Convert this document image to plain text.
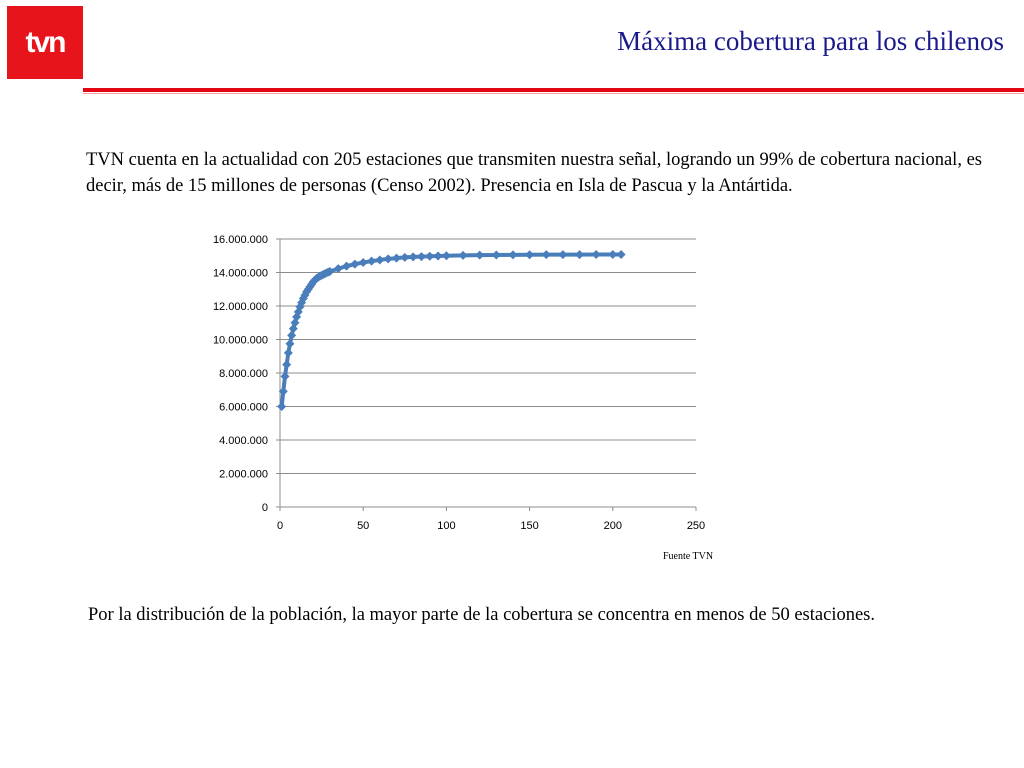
tvn	Máxima cobertura para los chilenos
TVN cuenta en la actualidad con 205 estaciones que transmiten nuestra señal, logrando un 99% de cobertura nacional, es decir, más de 15 millones de personas (Censo 2002). Presencia en Isla de Pascua y la Antártida.
0
2.000.000
4.000.000
6.000.000
8.000.000
10.000.000
12.000.000
14.000.000
16.000.000
0	50	100	150	200	250
Fuente TVN
Por la distribución de la población, la mayor parte de la cobertura se concentra en menos de 50 estaciones.
